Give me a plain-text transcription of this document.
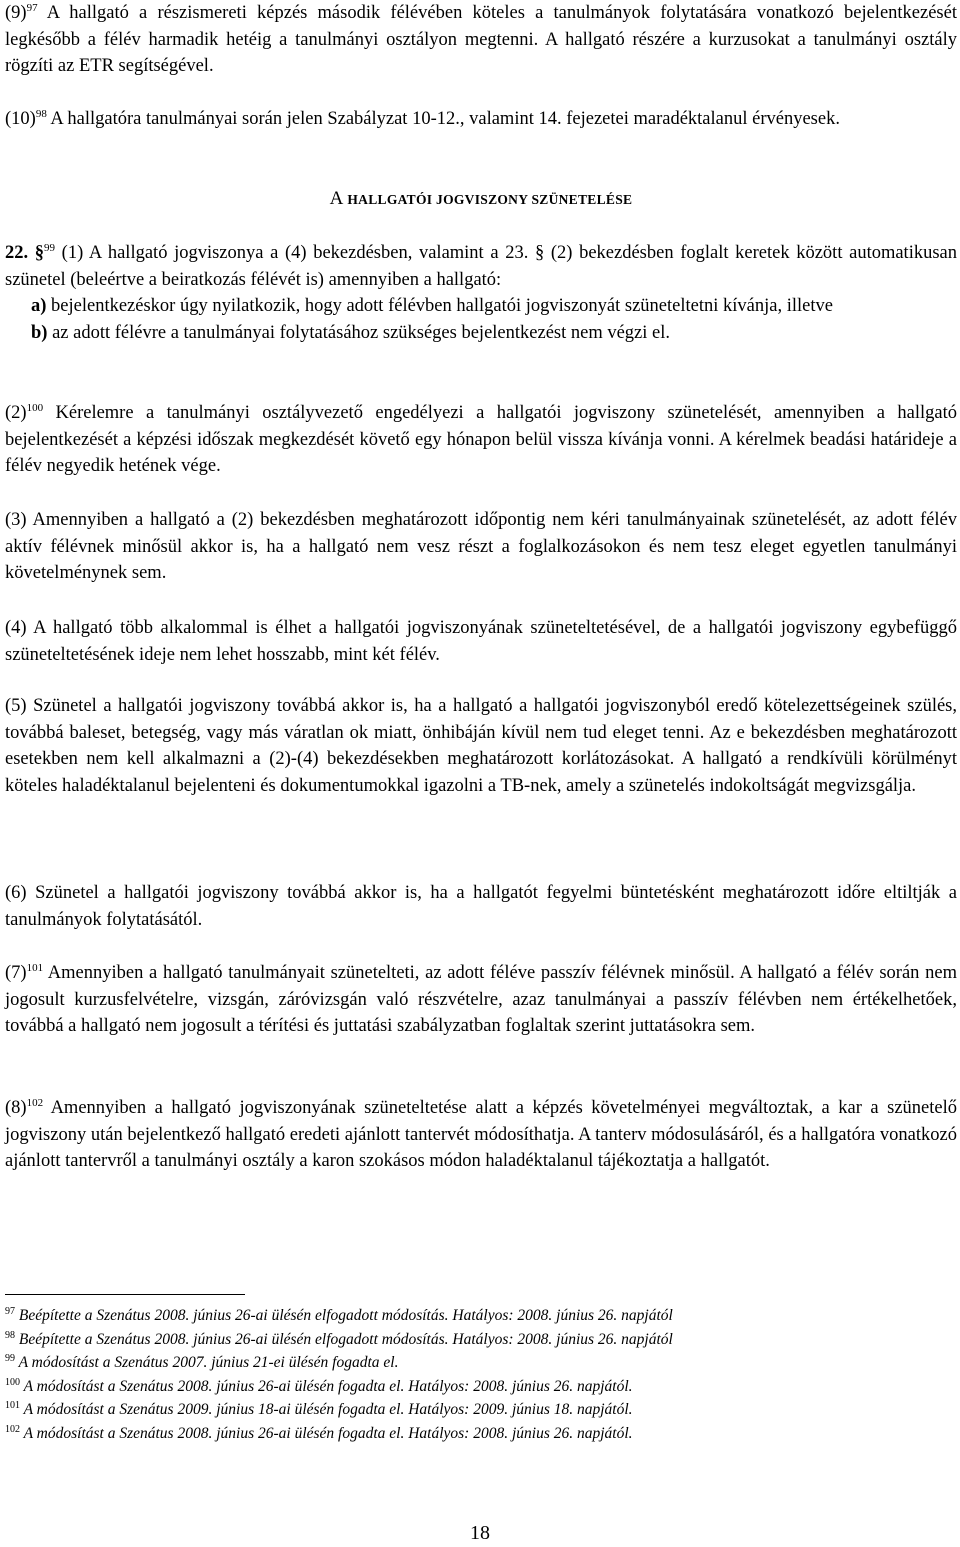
$(9)^{97}$ A hallgató a részismereti képzés második félévében köteles a tanulmányok folytatására vonatkozó bejelentkezését legkésőbb a félév harmadik hetéig a tanulmányi osztályon megtenni. A hallgató részére a kurzusokat a tanulmányi osztály rögzíti az ETR segítségével.

$(10)^{98}$ A hallgatóra tanulmányai során jelen Szabályzat 10-12., valamint 14. fejezetei maradéktalanul érvényesek.

A HALLGATÓI JOGVISZONY SZÜNETELÉSE
22. §$^{99}$ (1) A hallgató jogviszonya a (4) bekezdésben, valamint a 23. § (2) bekezdésben foglalt keretek között automatikusan szünetel (beleértve a beiratkozás félévét is) amennyiben a hallgató:
a) bejelentkezéskor úgy nyilatkozik, hogy adott félévben hallgatói jogviszonyát szüneteltetni kívánja, illetve
b) az adott félévre a tanulmányai folytatásához szükséges bejelentkezést nem végzi el.

$(2)^{100}$ Kérelemre a tanulmányi osztályvezető engedélyezi a hallgatói jogviszony szünetelését, amennyiben a hallgató bejelentkezését a képzési időszak megkezdését követő egy hónapon belül vissza kívánja vonni. A kérelmek beadási határideje a félév negyedik hetének vége.

(3) Amennyiben a hallgató a (2) bekezdésben meghatározott időpontig nem kéri tanulmányainak szünetelését, az adott félév aktív félévnek minősül akkor is, ha a hallgató nem vesz részt a foglalkozásokon és nem tesz eleget egyetlen tanulmányi követelménynek sem.

(4) A hallgató több alkalommal is élhet a hallgatói jogviszonyának szüneteltetésével, de a hallgatói jogviszony egybefüggő szüneteltetésének ideje nem lehet hosszabb, mint két félév.

(5) Szünetel a hallgatói jogviszony továbbá akkor is, ha a hallgató a hallgatói jogviszonyból eredő kötelezettségeinek szülés, továbbá baleset, betegség, vagy más váratlan ok miatt, önhibáján kívül nem tud eleget tenni. Az e bekezdésben meghatározott esetekben nem kell alkalmazni a (2)-(4) bekezdésekben meghatározott korlátozásokat. A hallgató a rendkívüli körülményt köteles haladéktalanul bejelenteni és dokumentumokkal igazolni a TB-nek, amely a szünetelés indokoltságát megvizsgálja.

(6) Szünetel a hallgatói jogviszony továbbá akkor is, ha a hallgatót fegyelmi büntetésként meghatározott időre eltiltják a tanulmányok folytatásától.

$(7)^{101}$ Amennyiben a hallgató tanulmányait szünetelteti, az adott féléve passzív félévnek minősül. A hallgató a félév során nem jogosult kurzusfelvételre, vizsgán, záróvizsgán való részvételre, azaz tanulmányai a passzív félévben nem értékelhetőek, továbbá a hallgató nem jogosult a térítési és juttatási szabályzatban foglaltak szerint juttatásokra sem.

$(8)^{102}$ Amennyiben a hallgató jogviszonyának szüneteltetése alatt a képzés követelményei megváltoztak, a kar a szünetelő jogviszony után bejelentkező hallgató eredeti ajánlott tantervét módosíthatja. A tanterv módosulásáról, és a hallgatóra vonatkozó ajánlott tantervről a tanulmányi osztály a karon szokásos módon haladéktalanul tájékoztatja a hallgatót.

$^{97}$ Beépítette a Szenátus 2008. június 26-ai ülésén elfogadott módosítás. Hatályos: 2008. június 26. napjától

$^{98}$ Beépítette a Szenátus 2008. június 26-ai ülésén elfogadott módosítás. Hatályos: 2008. június 26. napjától

$^{99}$ A módosítást a Szenátus 2007. június 21-ei ülésén fogadta el.

$^{100}$ A módosítást a Szenátus 2008. június 26-ai ülésén fogadta el. Hatályos: 2008. június 26. napjától.

$^{101}$ A módosítást a Szenátus 2009. június 18-ai ülésén fogadta el. Hatályos: 2009. június 18. napjától.

$^{102}$ A módosítást a Szenátus 2008. június 26-ai ülésén fogadta el. Hatályos: 2008. június 26. napjától.

18
